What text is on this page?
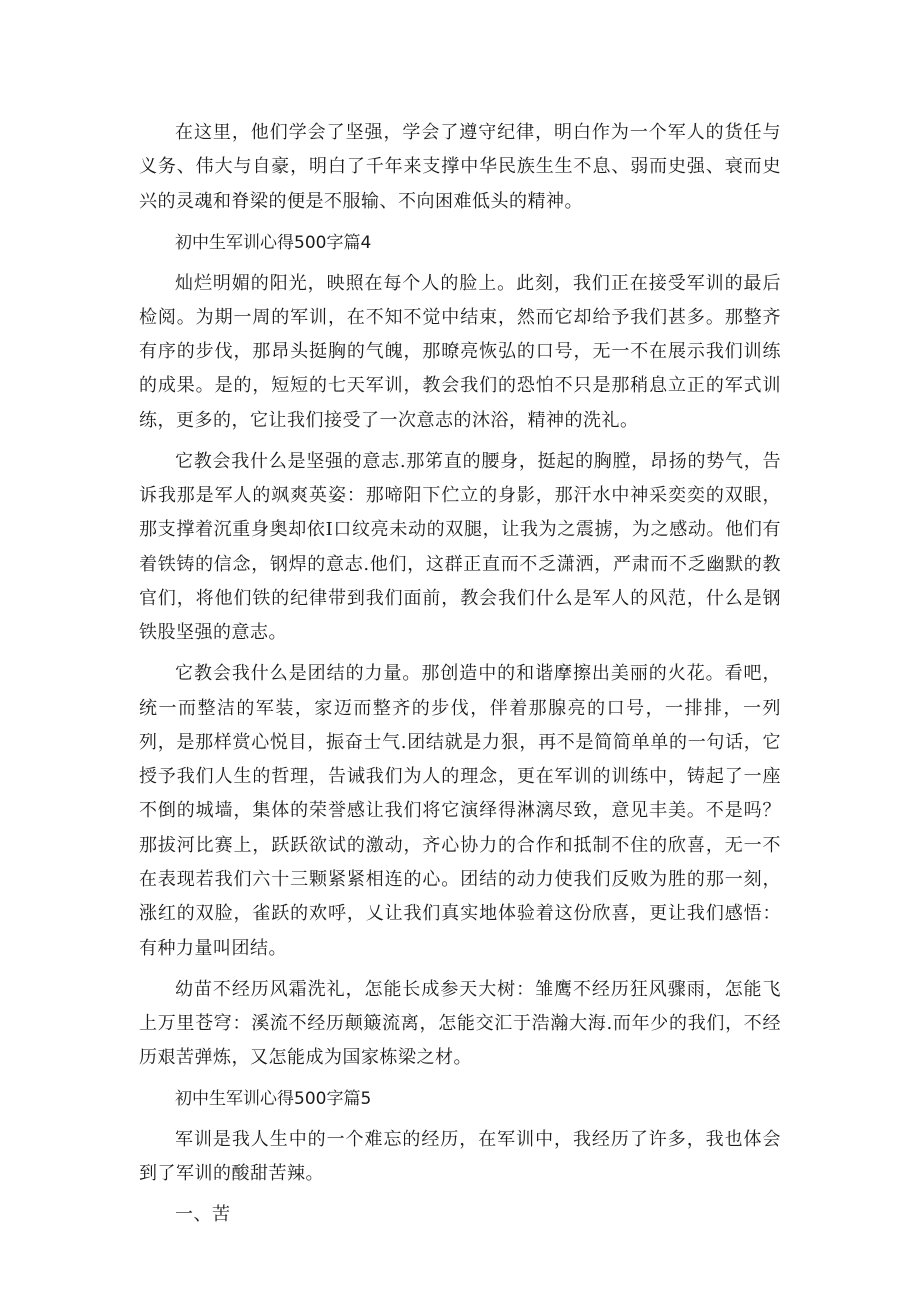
在这里，他们学会了坚强，学会了遵守纪律，明白作为一个军人的货任与义务、伟大与自豪，明白了千年来支撑中华民族生生不息、弱而史强、衰而史兴的灵魂和脊梁的便是不服输、不向困难低头的精神。

初中生军训心得500字篇4

灿烂明媚的阳光，映照在每个人的脸上。此刻，我们正在接受军训的最后检阅。为期一周的军训，在不知不觉中结束，然而它却给予我们甚多。那整齐有序的步伐，那昂头挺胸的气魄，那暸亮恢弘的口号，无一不在展示我们训练的成果。是的，短短的七天军训，教会我们的恐怕不只是那稍息立正的军式训练，更多的，它让我们接受了一次意志的沐浴，精神的洗礼。

它教会我什么是坚强的意志.那笫直的腰身，挺起的胸膛，昂扬的势气，告诉我那是军人的飒爽英姿：那啼阳下伫立的身影，那汗水中神采奕奕的双眼，那支撑着沉重身奥却依I口纹亮未动的双腿，让我为之震掳，为之感动。他们有着铁铸的信念，钢焊的意志.他们，这群正直而不乏潇洒，严肃而不乏幽默的教官们，将他们铁的纪律带到我们面前，教会我们什么是军人的风范，什么是钢铁股坚强的意志。

它教会我什么是团结的力量。那创造中的和谐摩擦出美丽的火花。看吧，统一而整洁的军装，家迈而整齐的步伐，伴着那腺亮的口号，一排排，一列列，是那样赏心悦目，振奋士气.团结就是力狠，再不是简简单单的一句话，它授予我们人生的哲理，告诫我们为人的理念，更在军训的训练中，铸起了一座不倒的城墙，集体的荣誉感让我们将它演绎得淋漓尽致，意见丰美。不是吗？那拔河比赛上，跃跃欲试的激动，齐心协力的合作和抵制不住的欣喜，无一不在表现若我们六十三颗紧紧相连的心。团结的动力使我们反败为胜的那一刻，涨红的双脸，雀跃的欢呼，乂让我们真实地体验着这份欣喜，更让我们感悟：有种力量叫团结。

幼苗不经历风霜洗礼，怎能长成参天大树：雏鹰不经历狂风骤雨，怎能飞上万里苍穹：溪流不经历颠簸流离，怎能交汇于浩瀚大海.而年少的我们，不经历艰苦弹炼，又怎能成为国家栋梁之材。

初中生军训心得500字篇5

军训是我人生中的一个难忘的经历，在军训中，我经历了许多，我也体会到了军训的酸甜苦辣。

一、苦
